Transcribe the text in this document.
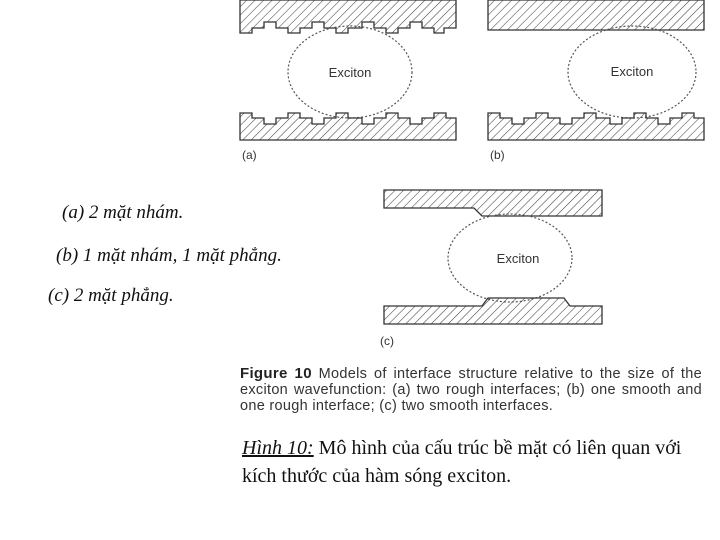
Exciton
(a)
Exciton
(b)
Exciton
(c)
(a) 2 mặt nhám.
(b) 1 mặt nhám, 1 mặt phẳng.
(c) 2 mặt phẳng.
Figure 10 Models of interface structure relative to the size of the exciton wavefunction: (a) two rough interfaces; (b) one smooth and one rough interface; (c) two smooth interfaces.
Hình 10: Mô hình của cấu trúc bề mặt có liên quan với kích thước của hàm sóng exciton.
